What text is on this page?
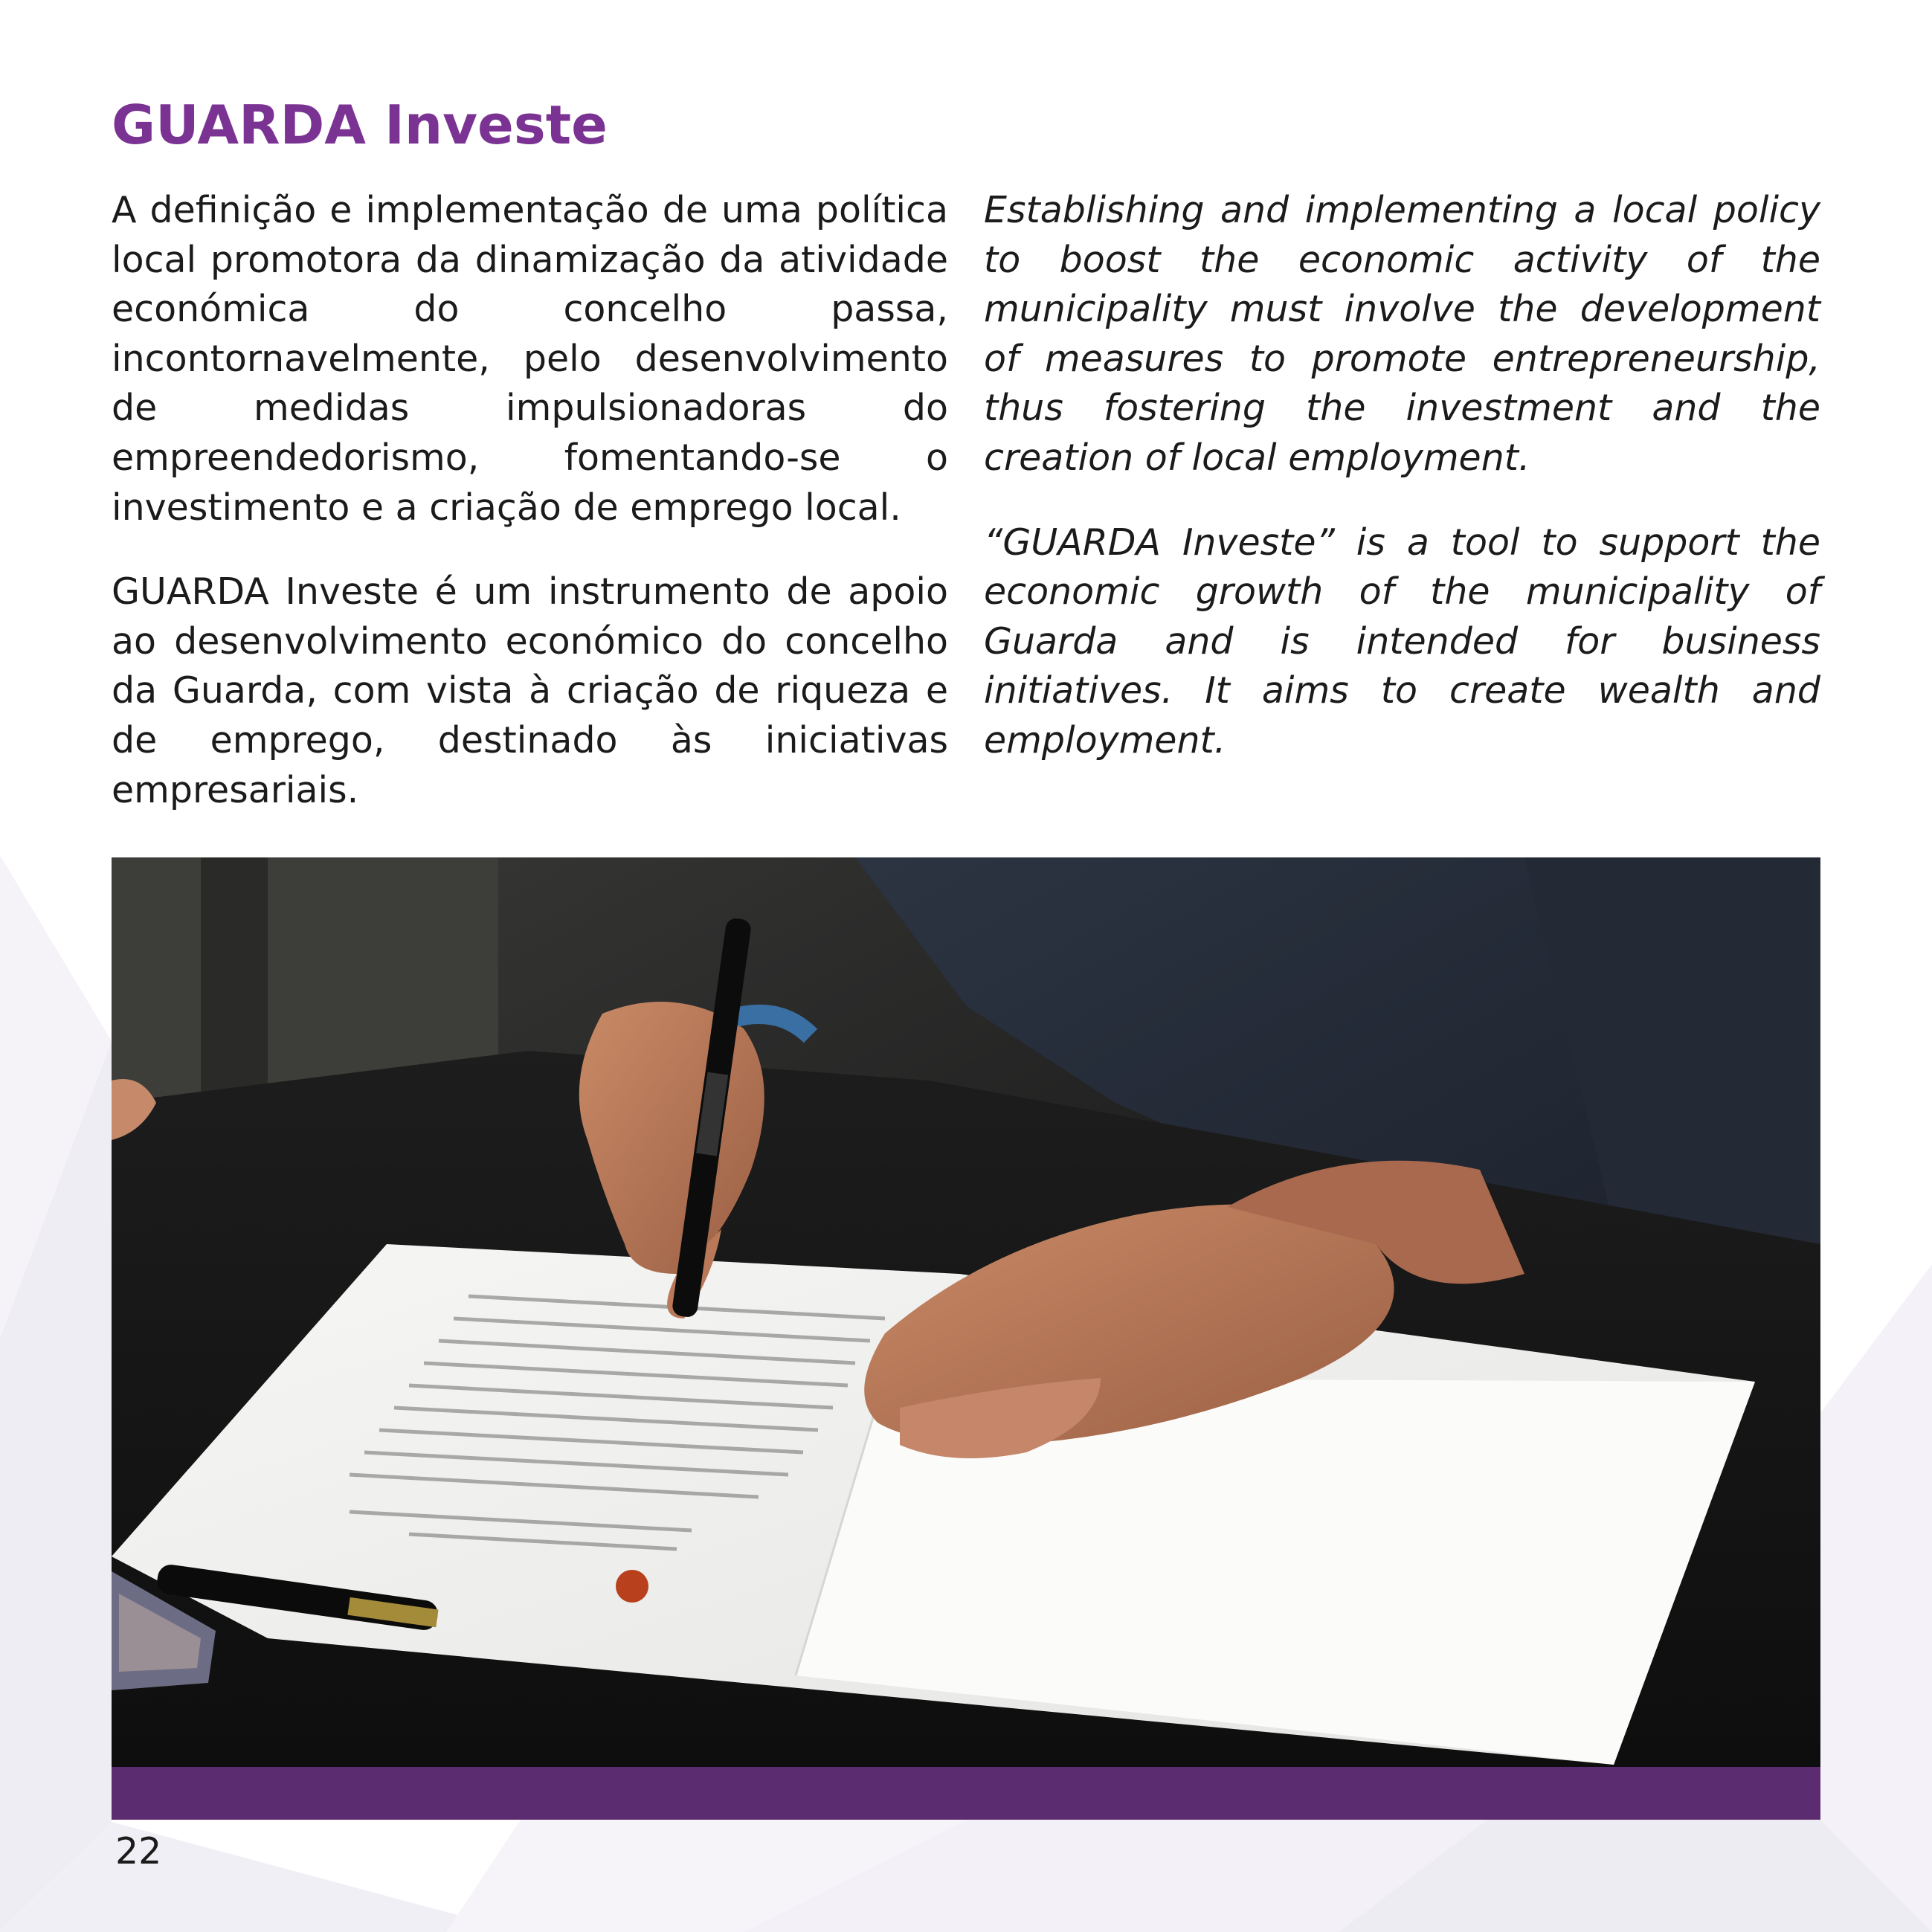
GUARDA Investe

A definição e implementação de uma política local promotora da dinamização da atividade económica do concelho passa, incontornavelmente, pelo desenvolvimento de medidas impulsionadoras do empreendedorismo, fomentando-se o investimento e a criação de emprego local.

GUARDA Investe é um instrumento de apoio ao desenvolvimento económico do concelho da Guarda, com vista à criação de riqueza e de emprego, destinado às iniciativas empresariais.

Establishing and implementing a local policy to boost the economic activity of the municipality must involve the development of measures to promote entrepreneurship, thus fostering the investment and the creation of local employment.

“GUARDA Investe” is a tool to support the economic growth of the municipality of Guarda and is intended for business initiatives. It aims to create wealth and employment.

22
